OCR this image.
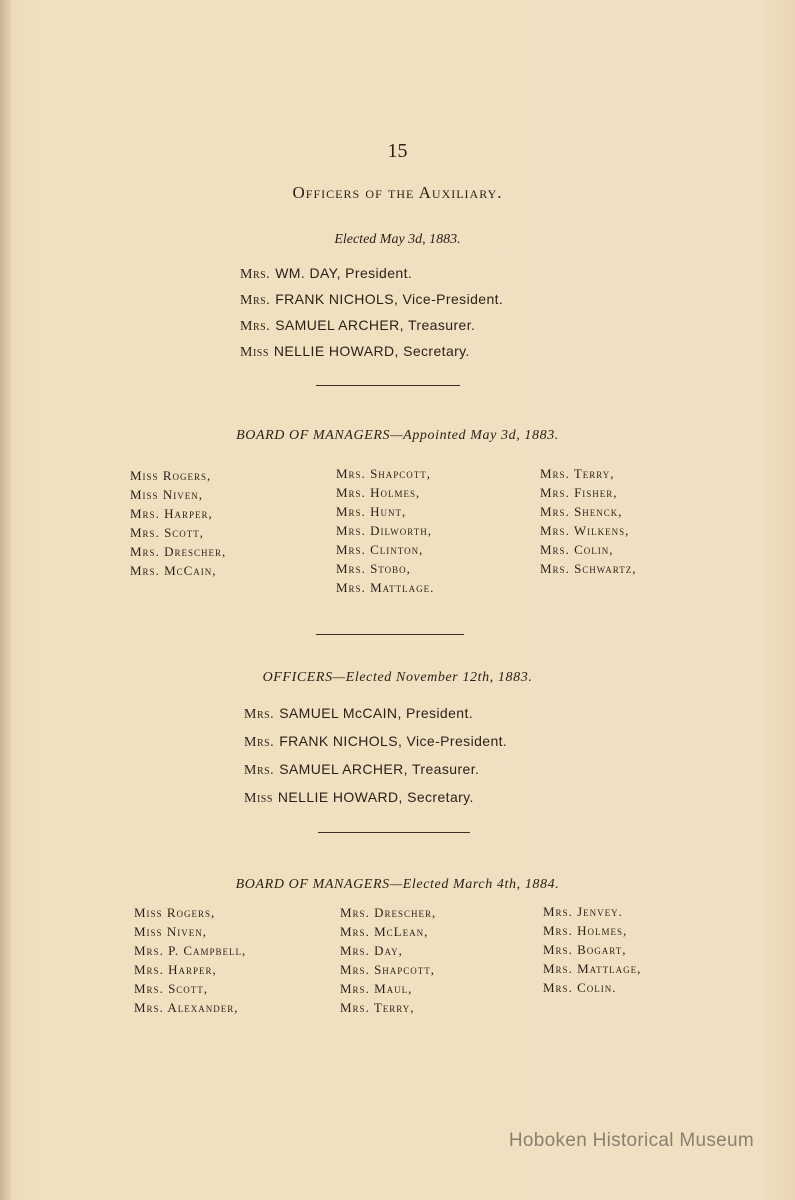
15
Officers of the Auxiliary.
Elected May 3d, 1883.
Mrs. WM. DAY, President.
Mrs. FRANK NICHOLS, Vice-President.
Mrs. SAMUEL ARCHER, Treasurer.
Miss NELLIE HOWARD, Secretary.
BOARD OF MANAGERS—Appointed May 3d, 1883.
Miss Rogers,
Miss Niven,
Mrs. Harper,
Mrs. Scott,
Mrs. Drescher,
Mrs. McCain,
Mrs. Shapcott,
Mrs. Holmes,
Mrs. Hunt,
Mrs. Dilworth,
Mrs. Clinton,
Mrs. Stobo,
Mrs. Mattlage.
Mrs. Terry,
Mrs. Fisher,
Mrs. Shenck,
Mrs. Wilkens,
Mrs. Colin,
Mrs. Schwartz,
OFFICERS—Elected November 12th, 1883.
Mrs. SAMUEL McCAIN, President.
Mrs. FRANK NICHOLS, Vice-President.
Mrs. SAMUEL ARCHER, Treasurer.
Miss NELLIE HOWARD, Secretary.
BOARD OF MANAGERS—Elected March 4th, 1884.
Miss Rogers,
Miss Niven,
Mrs. P. Campbell,
Mrs. Harper,
Mrs. Scott,
Mrs. Alexander,
Mrs. Drescher,
Mrs. McLean,
Mrs. Day,
Mrs. Shapcott,
Mrs. Maul,
Mrs. Terry,
Mrs. Jenvey.
Mrs. Holmes,
Mrs. Bogart,
Mrs. Mattlage,
Mrs. Colin.
Hoboken Historical Museum
